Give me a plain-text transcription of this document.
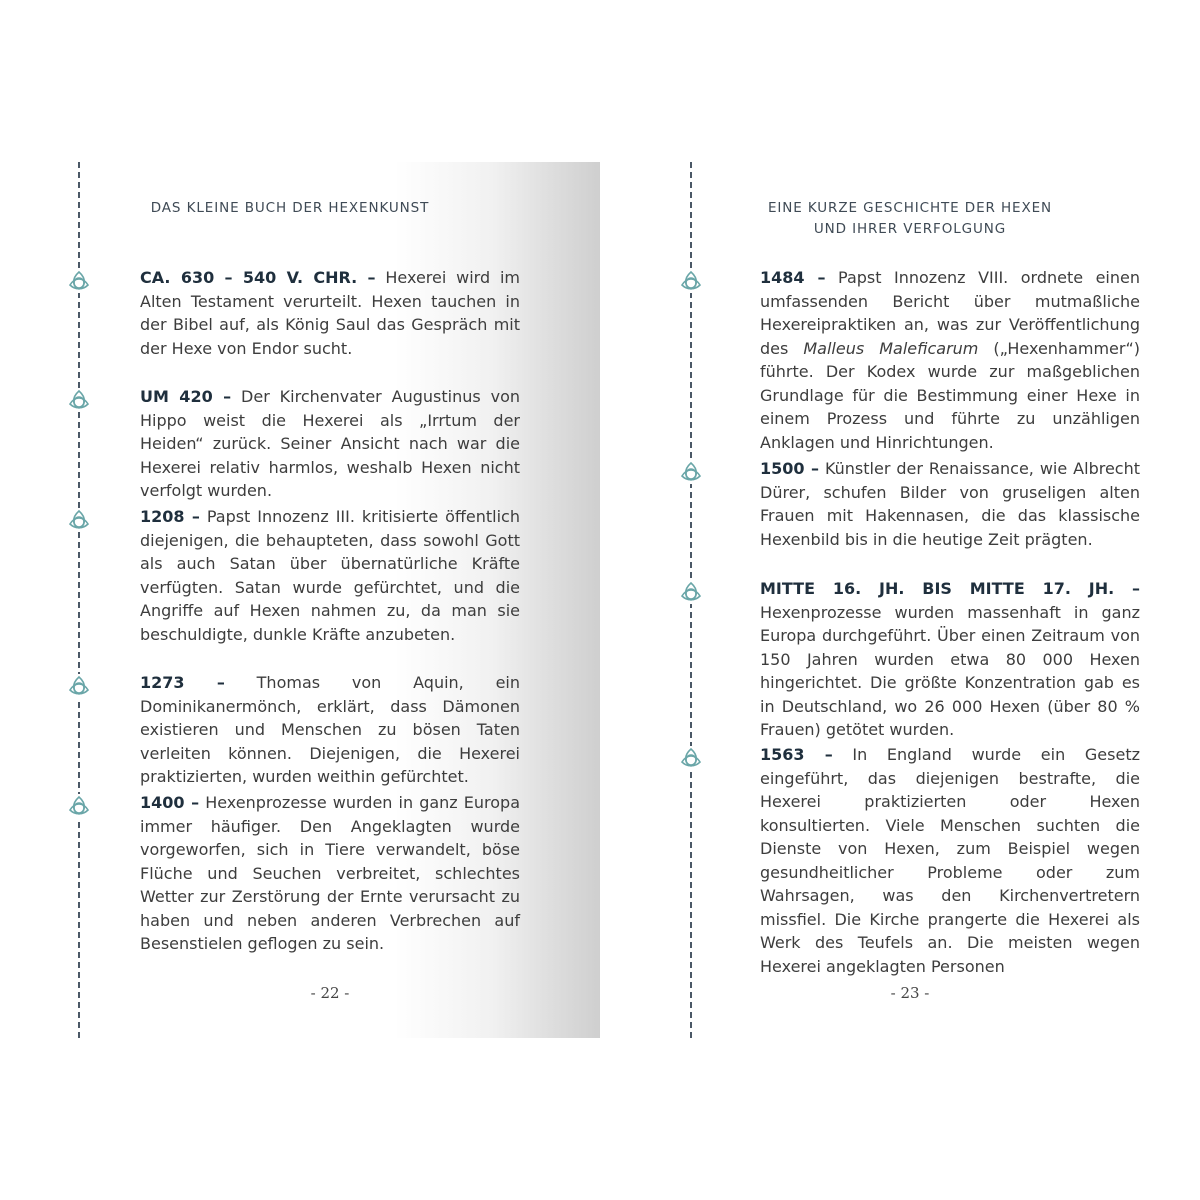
DAS KLEINE BUCH DER HEXENKUNST
CA. 630 – 540 V. CHR. – Hexerei wird im Alten Testament verurteilt. Hexen tauchen in der Bibel auf, als König Saul das Gespräch mit der Hexe von Endor sucht.
UM 420 – Der Kirchenvater Augustinus von Hippo weist die Hexerei als „Irrtum der Heiden“ zurück. Seiner Ansicht nach war die Hexerei relativ harmlos, weshalb Hexen nicht verfolgt wurden.
1208 – Papst Innozenz III. kritisierte öffentlich diejenigen, die behaupteten, dass sowohl Gott als auch Satan über übernatürliche Kräfte verfügten. Satan wurde gefürchtet, und die Angriffe auf Hexen nahmen zu, da man sie beschuldigte, dunkle Kräfte anzubeten.
1273 – Thomas von Aquin, ein Dominikanermönch, erklärt, dass Dämonen existieren und Menschen zu bösen Taten verleiten können. Diejenigen, die Hexerei praktizierten, wurden weithin gefürchtet.
1400 – Hexenprozesse wurden in ganz Europa immer häufiger. Den Angeklagten wurde vorgeworfen, sich in Tiere verwandelt, böse Flüche und Seuchen verbreitet, schlechtes Wetter zur Zerstörung der Ernte verursacht zu haben und neben anderen Verbrechen auf Besenstielen geflogen zu sein.
- 22 -
EINE KURZE GESCHICHTE DER HEXEN
UND IHRER VERFOLGUNG
1484 – Papst Innozenz VIII. ordnete einen umfassenden Bericht über mutmaßliche Hexereipraktiken an, was zur Veröffentlichung des Malleus Maleficarum („Hexenhammer“) führte. Der Kodex wurde zur maßgeblichen Grundlage für die Bestimmung einer Hexe in einem Prozess und führte zu unzähligen Anklagen und Hinrichtungen.
1500 – Künstler der Renaissance, wie Albrecht Dürer, schufen Bilder von gruseligen alten Frauen mit Hakennasen, die das klassische Hexenbild bis in die heutige Zeit prägten.
MITTE 16. JH. BIS MITTE 17. JH. – Hexenprozesse wurden massenhaft in ganz Europa durchgeführt. Über einen Zeitraum von 150 Jahren wurden etwa 80 000 Hexen hingerichtet. Die größte Konzentration gab es in Deutschland, wo 26 000 Hexen (über 80 % Frauen) getötet wurden.
1563 – In England wurde ein Gesetz eingeführt, das diejenigen bestrafte, die Hexerei praktizierten oder Hexen konsultierten. Viele Menschen suchten die Dienste von Hexen, zum Beispiel wegen gesundheitlicher Probleme oder zum Wahrsagen, was den Kirchenvertretern missfiel. Die Kirche prangerte die Hexerei als Werk des Teufels an. Die meisten wegen Hexerei angeklagten Personen
- 23 -
